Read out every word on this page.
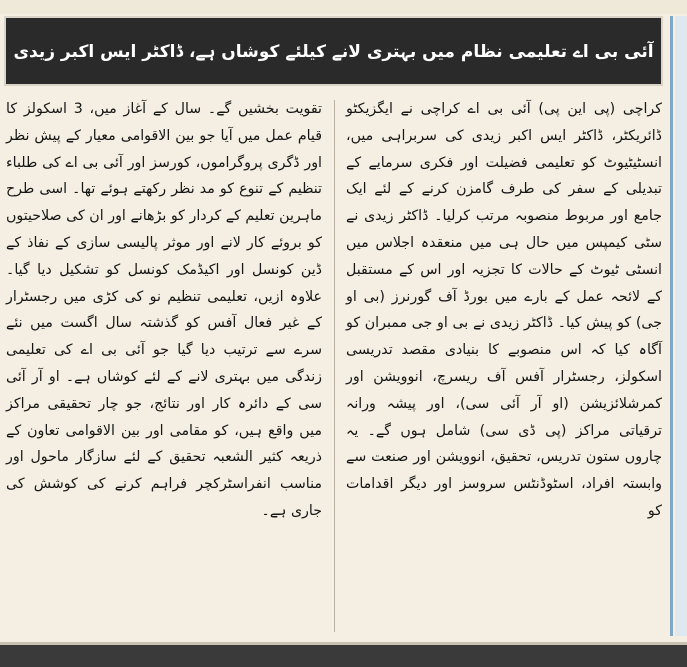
آئی بی اے تعلیمی نظام میں بہتری لانے کیلئے کوشاں ہے، ڈاکٹر ایس اکبر زیدی
کراچی (پی این پی) آئی بی اے کراچی نے ایگزیکٹو ڈائریکٹر، ڈاکٹر ایس اکبر زیدی کی سربراہی میں، انسٹیٹیوٹ کو تعلیمی فضیلت اور فکری سرمایے کے تبدیلی کے سفر کی طرف گامزن کرنے کے لئے ایک جامع اور مربوط منصوبہ مرتب کرلیا۔ ڈاکٹر زیدی نے سٹی کیمپس میں حال ہی میں منعقدہ اجلاس میں انسٹی ٹیوٹ کے حالات کا تجزیہ اور اس کے مستقبل کے لائحہ عمل کے بارے میں بورڈ آف گورنرز (بی او جی) کو پیش کیا۔ ڈاکٹر زیدی نے بی او جی ممبران کو آگاہ کیا کہ اس منصوبے کا بنیادی مقصد تدریسی اسکولز، رجسٹرار آفس آف ریسرچ، انوویشن اور کمرشلائزیشن (او آر آئی سی)، اور پیشہ ورانہ ترقیاتی مراکز (پی ڈی سی) شامل ہوں گے۔ یہ چاروں ستون تدریس، تحقیق، انوویشن اور صنعت سے وابستہ افراد، اسٹوڈنٹس سروسز اور دیگر اقدامات کو
تقویت بخشیں گے۔ سال کے آغاز میں، 3 اسکولز کا قیام عمل میں آیا جو بین الاقوامی معیار کے پیش نظر اور ڈگری پروگراموں، کورسز اور آئی بی اے کی طلباء تنظیم کے تنوع کو مد نظر رکھتے ہوئے تھا۔ اسی طرح ماہرین تعلیم کے کردار کو بڑھانے اور ان کی صلاحیتوں کو بروئے کار لانے اور موثر پالیسی سازی کے نفاذ کے ڈین کونسل اور اکیڈمک کونسل کو تشکیل دیا گیا۔ علاوہ ازیں، تعلیمی تنظیم نو کی کڑی میں رجسٹرار کے غیر فعال آفس کو گذشتہ سال اگست میں نئے سرے سے ترتیب دیا گیا جو آئی بی اے کی تعلیمی زندگی میں بہتری لانے کے لئے کوشاں ہے۔ او آر آئی سی کے دائرہ کار اور نتائج، جو چار تحقیقی مراکز میں واقع ہیں، کو مقامی اور بین الاقوامی تعاون کے ذریعہ کثیر الشعبہ تحقیق کے لئے سازگار ماحول اور مناسب انفراسٹرکچر فراہم کرنے کی کوشش کی جاری ہے۔
